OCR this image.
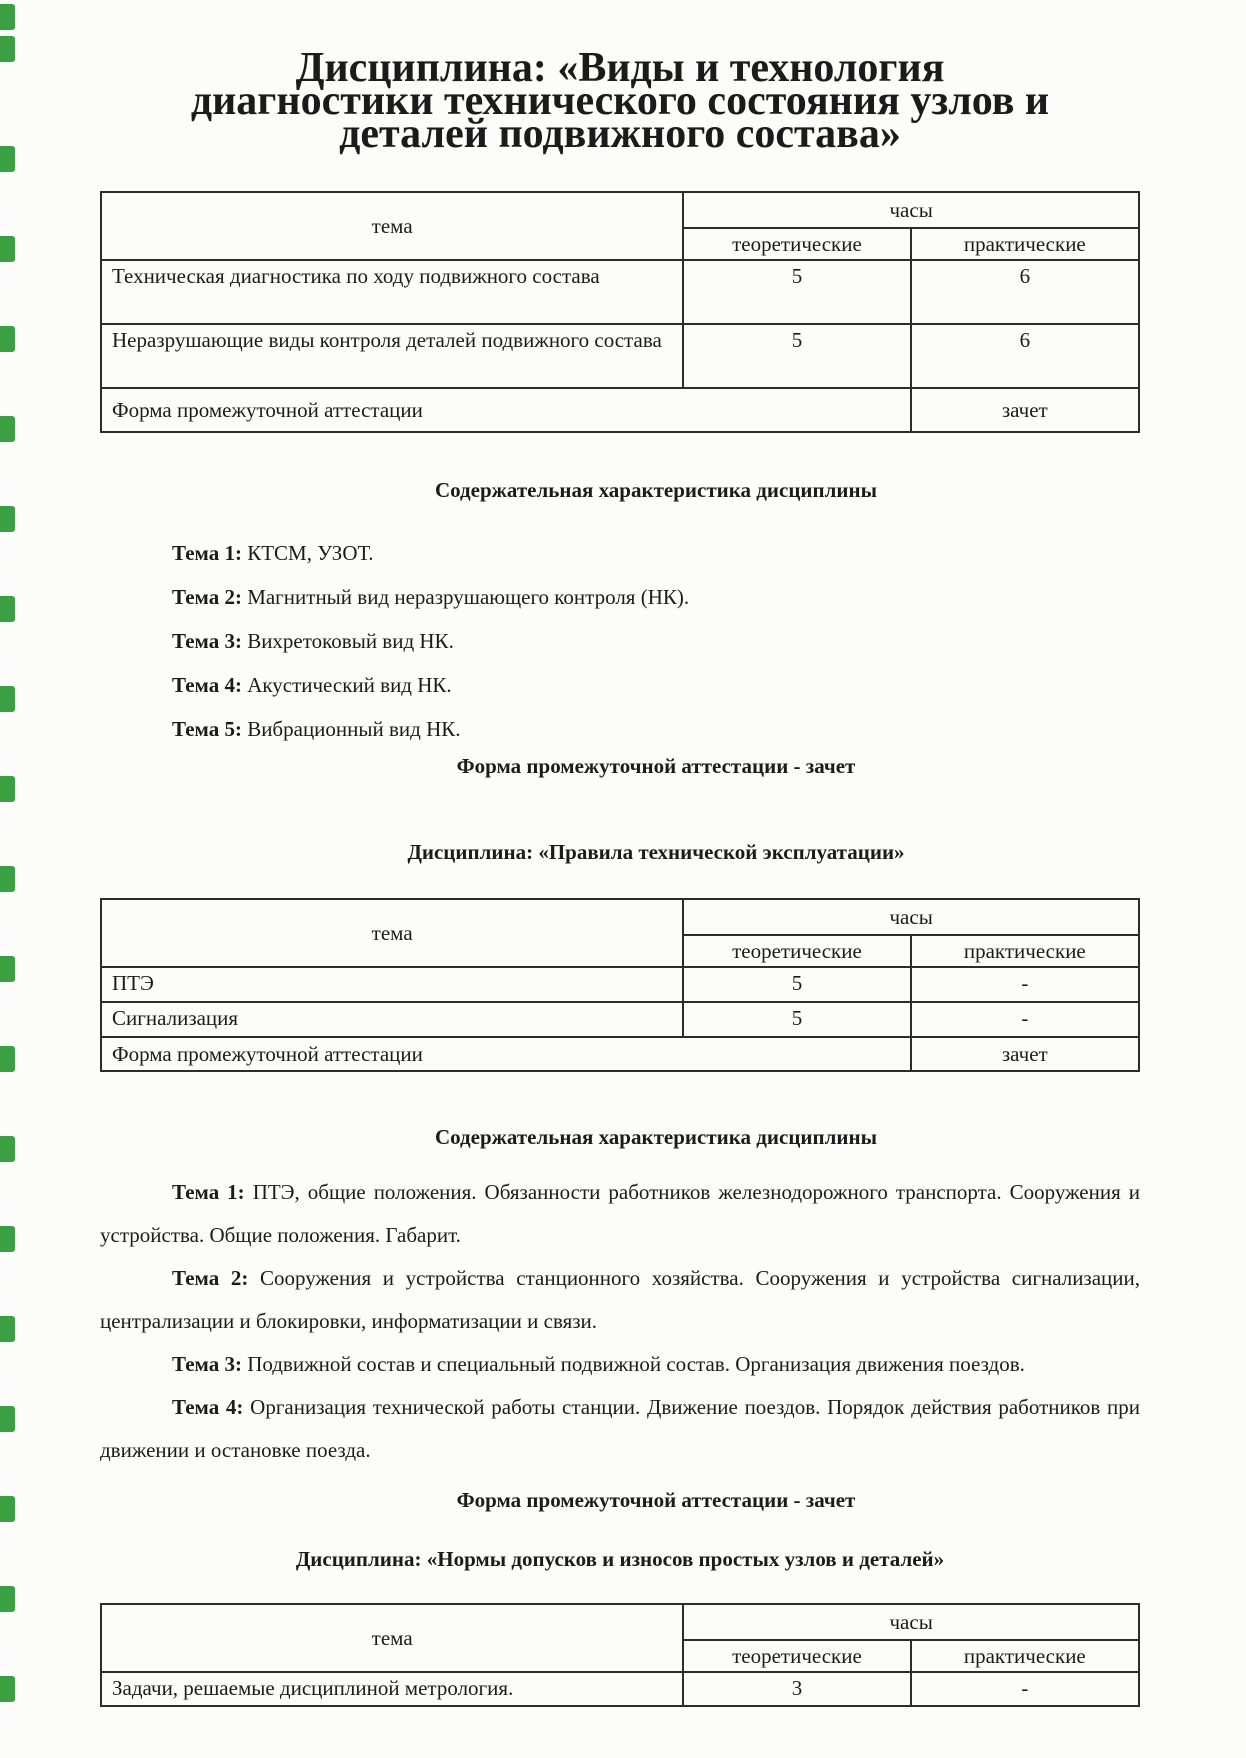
Дисциплина: «Виды и технология диагностики технического состояния узлов и деталей подвижного состава»
тема	часы	
	теоретические	практические
Техническая диагностика по ходу подвижного состава	5	6
Неразрушающие виды контроля деталей подвижного состава	5	6
Форма промежуточной аттестации		зачет

Содержательная характеристика дисциплины

Тема 1: КТСМ, УЗОТ.

Тема 2: Магнитный вид неразрушающего контроля (НК).

Тема 3: Вихретоковый вид НК.

Тема 4: Акустический вид НК.

Тема 5: Вибрационный вид НК.

Форма промежуточной аттестации - зачет

Дисциплина: «Правила технической эксплуатации»

тема	часы	
	теоретические	практические
ПТЭ	5	-
Сигнализация	5	-
Форма промежуточной аттестации		зачет

Содержательная характеристика дисциплины

Тема 1: ПТЭ, общие положения. Обязанности работников железнодорожного транспорта. Сооружения и устройства. Общие положения. Габарит.

Тема 2: Сооружения и устройства станционного хозяйства. Сооружения и устройства сигнализации, централизации и блокировки, информатизации и связи.

Тема 3: Подвижной состав и специальный подвижной состав. Организация движения поездов.

Тема 4: Организация технической работы станции. Движение поездов. Порядок действия работников при движении и остановке поезда.

Форма промежуточной аттестации - зачет

Дисциплина: «Нормы допусков и износов простых узлов и деталей»

тема	часы	
	теоретические	практические
Задачи, решаемые дисциплиной метрология.	3	-
